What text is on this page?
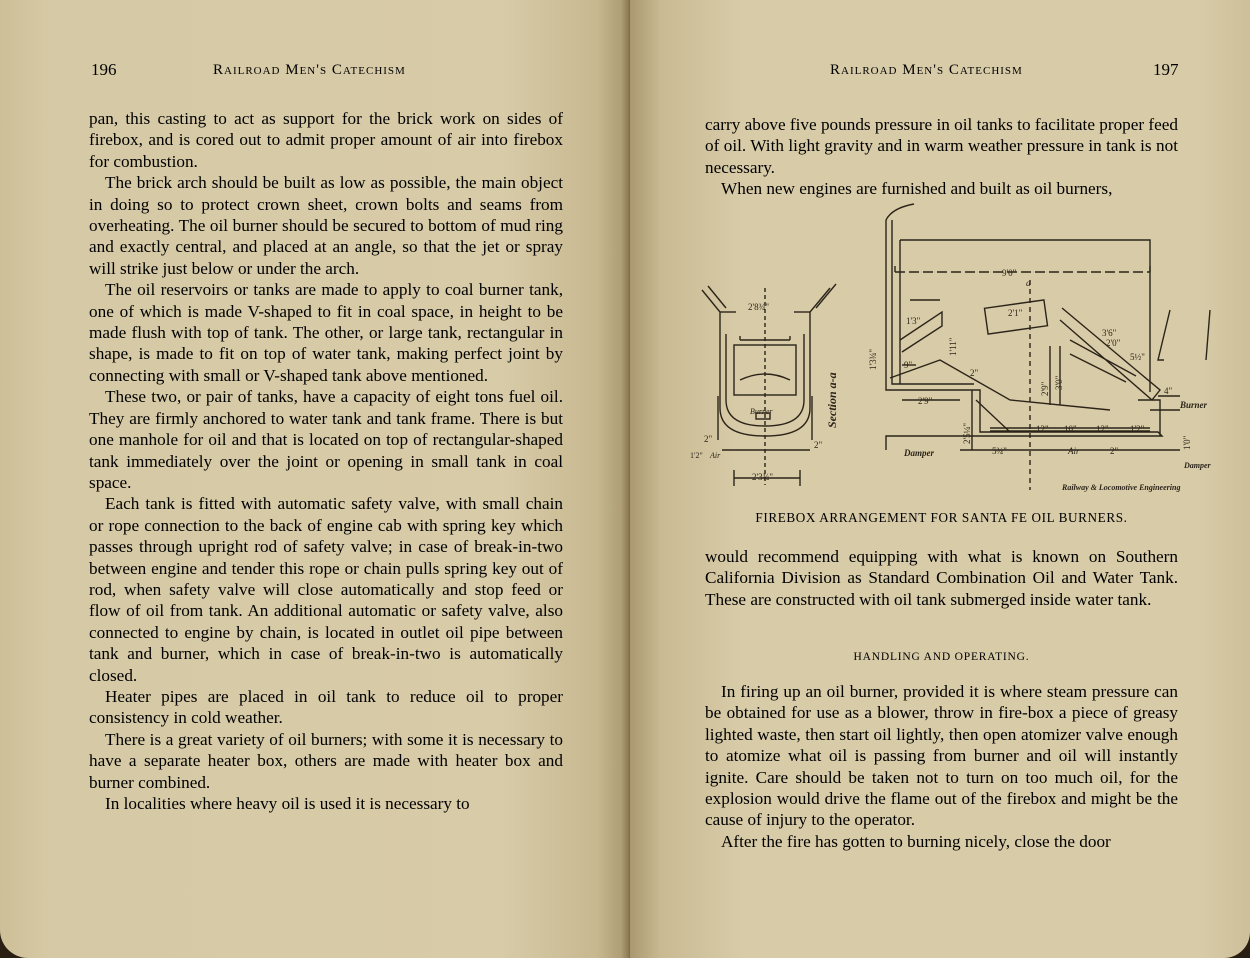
196	Railroad Men's Catechism

pan, this casting to act as support for the brick work on sides of firebox, and is cored out to admit proper amount of air into firebox for combustion.

The brick arch should be built as low as possible, the main object in doing so to protect crown sheet, crown bolts and seams from overheating. The oil burner should be secured to bottom of mud ring and exactly central, and placed at an angle, so that the jet or spray will strike just below or under the arch.

The oil reservoirs or tanks are made to apply to coal burner tank, one of which is made V-shaped to fit in coal space, in height to be made flush with top of tank. The other, or large tank, rectangular in shape, is made to fit on top of water tank, making perfect joint by connecting with small or V-shaped tank above mentioned.

These two, or pair of tanks, have a capacity of eight tons fuel oil. They are firmly anchored to water tank and tank frame. There is but one manhole for oil and that is located on top of rectangular-shaped tank immediately over the joint or opening in small tank in coal space.

Each tank is fitted with automatic safety valve, with small chain or rope connection to the back of engine cab with spring key which passes through upright rod of safety valve; in case of break-in-two between engine and tender this rope or chain pulls spring key out of rod, when safety valve will close automatically and stop feed or flow of oil from tank. An additional automatic or safety valve, also connected to engine by chain, is located in outlet oil pipe between tank and burner, which in case of break-in-two is automatically closed.

Heater pipes are placed in oil tank to reduce oil to proper consistency in cold weather.

There is a great variety of oil burners; with some it is necessary to have a separate heater box, others are made with heater box and burner combined.

In localities where heavy oil is used it is necessary to

Railroad Men's Catechism	197

carry above five pounds pressure in oil tanks to facilitate proper feed of oil. With light gravity and in warm weather pressure in tank is not necessary.

When new engines are furnished and built as oil burners,

2'8¾"
Burner
2"
1'2" Air
2"
2'3¾"
Section a-a
9'0"
1'3"
2'1"
3'6"
2'0"
5½"
9"
2"
2'9"
1'3¾"
1'11"
2'5¼"
3'0"
2'9"	4"
1'0"
12" 10" 12" 1'2"
5¾"	Air	2"
Damper
Damper
Burner
a
Railway & Locomotive Engineering
FIREBOX ARRANGEMENT FOR SANTA FE OIL BURNERS.

would recommend equipping with what is known on Southern California Division as Standard Combination Oil and Water Tank. These are constructed with oil tank submerged inside water tank.

HANDLING AND OPERATING.

In firing up an oil burner, provided it is where steam pressure can be obtained for use as a blower, throw in fire-box a piece of greasy lighted waste, then start oil lightly, then open atomizer valve enough to atomize what oil is passing from burner and oil will instantly ignite. Care should be taken not to turn on too much oil, for the explosion would drive the flame out of the firebox and might be the cause of injury to the operator.

After the fire has gotten to burning nicely, close the door
